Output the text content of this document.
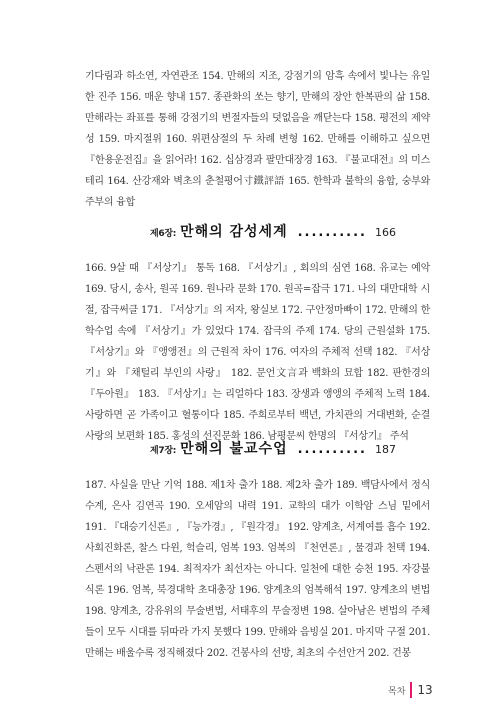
기다림과 하소연, 자연관조 154. 만해의 지조, 강점기의 암흑 속에서 빛나는 유일한 진주 156. 매운 향내 157. 종관화의 쏘는 향기, 만해의 장안 한복판의 삶 158. 만해라는 좌표를 통해 강점기의 변절자들의 덧없음을 깨닫는다 158. 평전의 제약성 159. 마지절위 160. 위편삼절의 두 차례 변형 162. 만해를 이해하고 싶으면 『한용운전집』을 읽어라! 162. 십삼경과 팔만대장경 163. 『불교대전』의 미스테리 164. 산강재와 벽초의 춘철평어寸鐵評語 165. 한학과 불학의 융합, 숭부와 주부의 융합
제6장: 만해의 감성세계 .......... 166
166. 9살 때 『서상기』 통독 168. 『서상기』, 회의의 심연 168. 유교는 예악 169. 당시, 송사, 원곡 169. 원나라 문화 170. 원곡=잡극 171. 나의 대만대학 시절, 잡극써클 171. 『서상기』의 저자, 왕실보 172. 구안정마빠이 172. 만해의 한학수업 속에 『서상기』가 있었다 174. 잡극의 주제 174. 당의 근원설화 175. 『서상기』와 『앵앵전』의 근원적 차이 176. 여자의 주체적 선택 182. 『서상기』와 『채털리 부인의 사랑』 182. 문언文言과 백화의 묘합 182. 판한경의 『두아원』 183. 『서상기』는 리얼하다 183. 장생과 앵앵의 주체적 노력 184. 사랑하면 곧 가족이고 혈통이다 185. 주희로부터 백년, 가치관의 거대변화, 순결사랑의 보편화 185. 홍성의 선진문화 186. 남평문씨 한명의 『서상기』 주석
제7장: 만해의 불교수업 .......... 187
187. 사실을 만난 기억 188. 제1차 출가 188. 제2차 출가 189. 백담사에서 정식 수계, 은사 김연곡 190. 오세암의 내력 191. 교학의 대가 이학암 스님 밑에서 191. 『대승기신론』, 『능가경』, 『원각경』 192. 양계초, 서계여를 흠수 192. 사회진화론, 찰스 다윈, 헉슬리, 엄복 193. 엄복의 『천연론』, 물경과 천택 194. 스펜서의 낙관론 194. 최적자가 최선자는 아니다. 일천에 대한 승천 195. 자강불식론 196. 엄복, 북경대학 초대총장 196. 양계초의 엄복해석 197. 양계초의 변법 198. 양계초, 강유위의 무술변법, 서태후의 무술정변 198. 살아남은 변법의 주체들이 모두 시대를 뒤따라 가지 못했다 199. 만해와 음빙실 201. 마지막 구절 201. 만해는 배울수록 정직해졌다 202. 건봉사의 선방, 최초의 수선안거 202. 건봉
목차 13
